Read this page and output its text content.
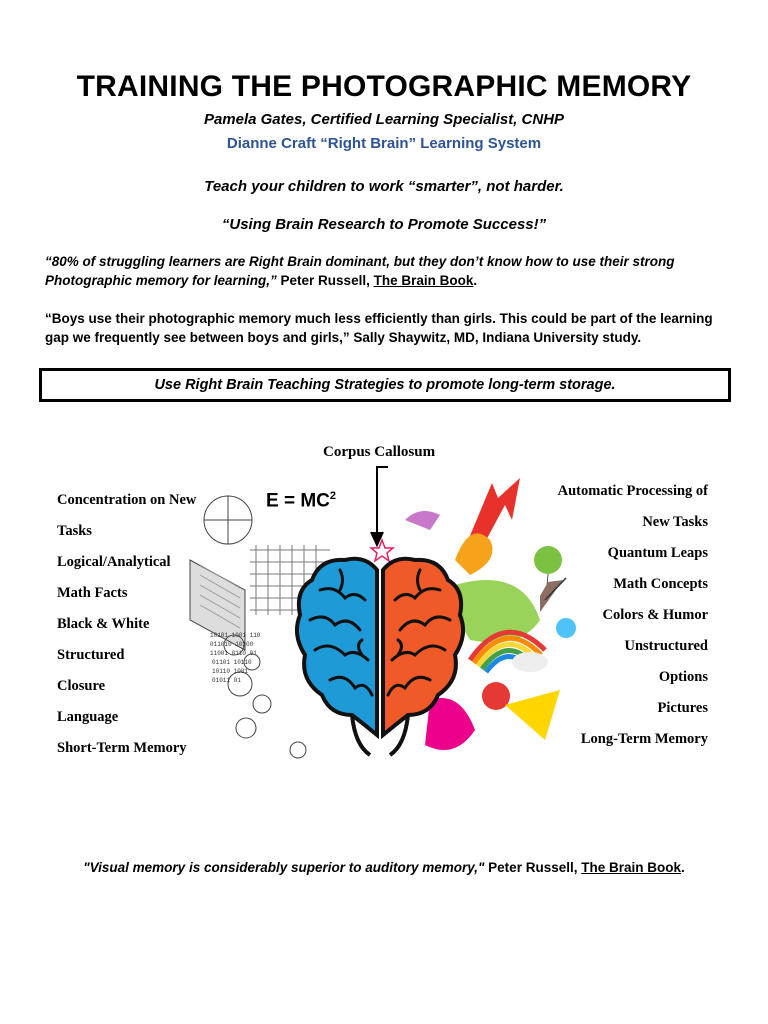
TRAINING THE PHOTOGRAPHIC MEMORY
Pamela Gates, Certified Learning Specialist, CNHP
Dianne Craft “Right Brain” Learning System
Teach your children to work “smarter”, not harder.
“Using Brain Research to Promote Success!”
“80% of struggling learners are Right Brain dominant, but they don’t know how to use their strong Photographic memory for learning,” Peter Russell, The Brain Book.
“Boys use their photographic memory much less efficiently than girls. This could be part of the learning gap we frequently see between boys and girls,” Sally Shaywitz, MD, Indiana University study.
Use Right Brain Teaching Strategies to promote long-term storage.
10101 1001 110
011010 10100
11001 0110 01
01101 10110
10110 1001
01011 01
Corpus Callosum
$E = MC^2$
Concentration on New
Tasks
Logical/Analytical
Math Facts
Black & White
Structured
Closure
Language
Short-Term Memory
Automatic Processing of
New Tasks
Quantum Leaps
Math Concepts
Colors & Humor
Unstructured
Options
Pictures
Long-Term Memory
"Visual memory is considerably superior to auditory memory," Peter Russell, The Brain Book.
